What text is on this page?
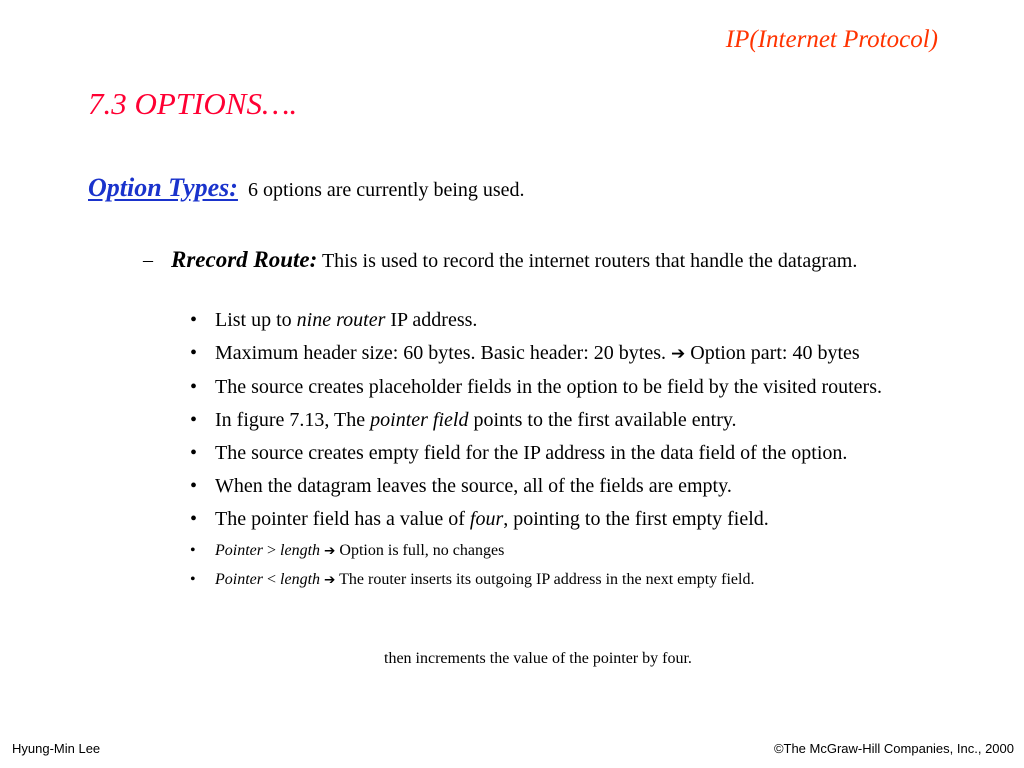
IP(Internet Protocol)
7.3 OPTIONS….
Option Types: 6 options are currently being used.
– Rrecord Route: This is used to record the internet routers that handle the datagram.
• List up to nine router IP address.
• Maximum header size: 60 bytes. Basic header: 20 bytes. ➔ Option part: 40 bytes
• The source creates placeholder fields in the option to be field by the visited routers.
• In figure 7.13, The pointer field points to the first available entry.
• The source creates empty field for the IP address in the data field of the option.
• When the datagram leaves the source, all of the fields are empty.
• The pointer field has a value of four, pointing to the first empty field.
• Pointer > length ➔ Option is full, no changes
• Pointer < length ➔ The router inserts its outgoing IP address in the next empty field.
then increments the value of the pointer by four.
Hyung-Min Lee	©The McGraw-Hill Companies, Inc., 2000
